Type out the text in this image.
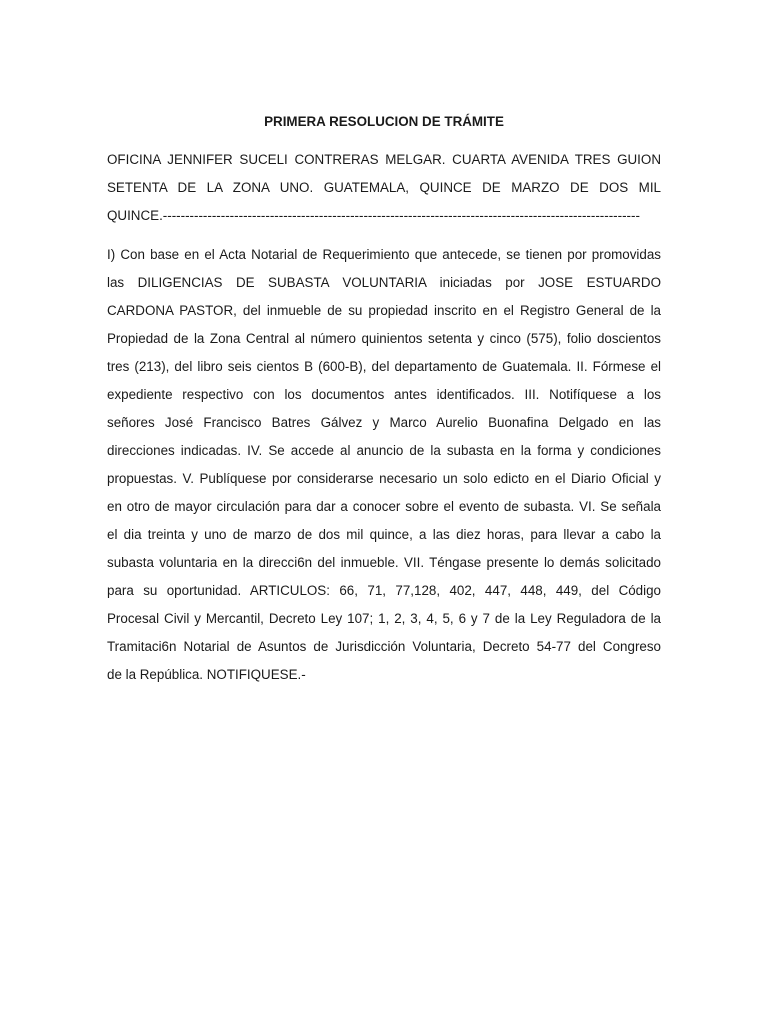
PRIMERA RESOLUCION DE TRÁMITE
OFICINA JENNIFER SUCELI CONTRERAS MELGAR. CUARTA AVENIDA TRES GUION
SETENTA DE LA ZONA UNO. GUATEMALA, QUINCE DE MARZO DE DOS MIL
QUINCE.-----------------------------------------------------------------------------------------------------------
I) Con base en el Acta Notarial de Requerimiento que antecede, se tienen por promovidas
las DILIGENCIAS DE SUBASTA VOLUNTARIA iniciadas por JOSE ESTUARDO
CARDONA PASTOR, del inmueble de su propiedad inscrito en el Registro General de la
Propiedad de la Zona Central al número quinientos setenta y cinco (575), folio doscientos
tres (213), del libro seis cientos B (600-B), del departamento de Guatemala. II. Fórmese el
expediente respectivo con los documentos antes identificados. III. Notifíquese a los
señores José Francisco Batres Gálvez y Marco Aurelio Buonafina Delgado en las
direcciones indicadas. IV. Se accede al anuncio de la subasta en la forma y condiciones
propuestas. V. Publíquese por considerarse necesario un solo edicto en el Diario Oficial y
en otro de mayor circulación para dar a conocer sobre el evento de subasta. VI. Se señala
el dia treinta y uno de marzo de dos mil quince, a las diez horas, para llevar a cabo la
subasta voluntaria en la direcci6n del inmueble. VII. Téngase presente lo demás solicitado
para su oportunidad. ARTICULOS: 66, 71, 77,128, 402, 447, 448, 449, del Código
Procesal Civil y Mercantil, Decreto Ley 107; 1, 2, 3, 4, 5, 6 y 7 de la Ley Reguladora de la
Tramitaci6n Notarial de Asuntos de Jurisdicción Voluntaria, Decreto 54-77 del Congreso
de la República. NOTIFIQUESE.-
